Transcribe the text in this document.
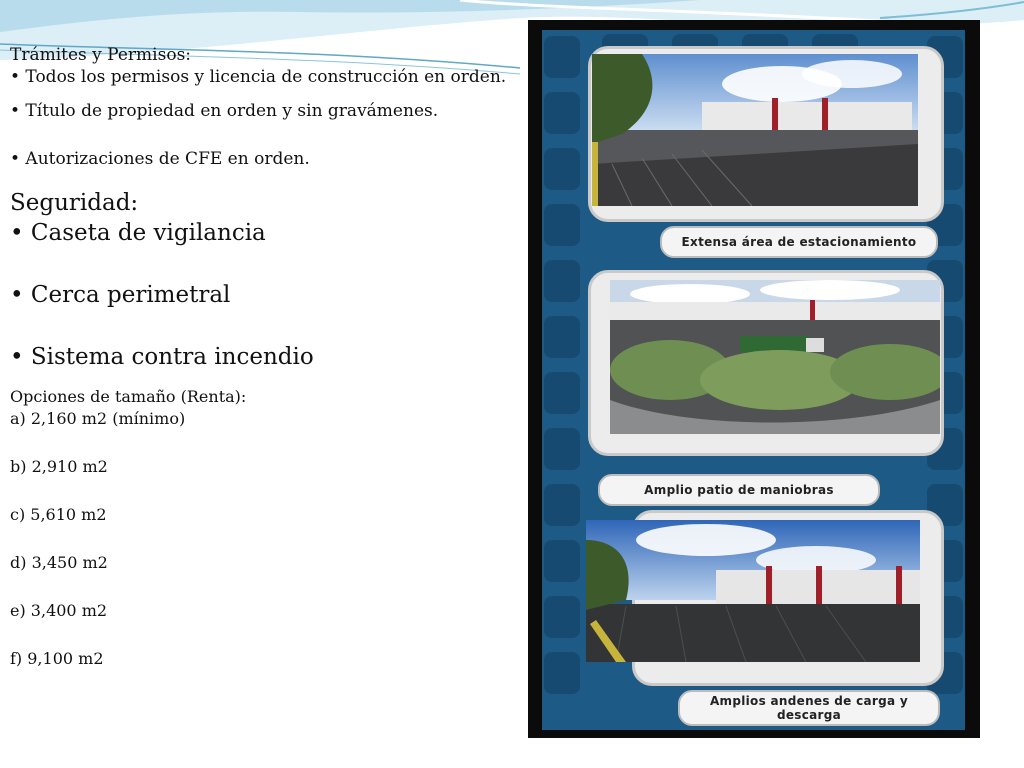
Trámites y Permisos:

• Todos los permisos y licencia de construcción en orden.

• Título de propiedad en orden y sin gravámenes.

• Autorizaciones de CFE en orden.

Seguridad:

• Caseta de vigilancia

• Cerca perimetral

• Sistema contra incendio

Opciones de tamaño (Renta):

a) 2,160 m2 (mínimo)

b) 2,910 m2

c) 5,610 m2

d) 3,450 m2

e) 3,400 m2

f) 9,100 m2

Extensa área de estacionamiento
Amplio patio de maniobras
Amplios andenes de carga y descarga
